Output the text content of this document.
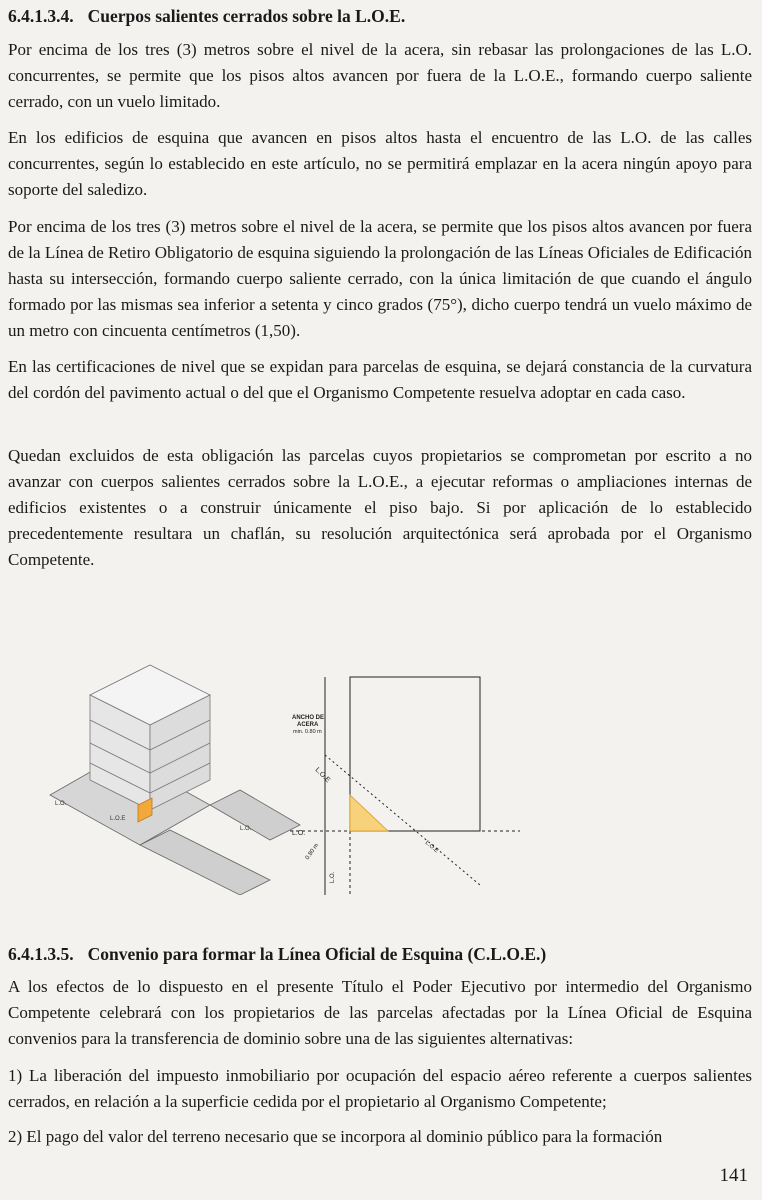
6.4.1.3.4. Cuerpos salientes cerrados sobre la L.O.E.

Por encima de los tres (3) metros sobre el nivel de la acera, sin rebasar las prolongaciones de las L.O. concurrentes, se permite que los pisos altos avancen por fuera de la L.O.E., formando cuerpo saliente cerrado, con un vuelo limitado.

En los edificios de esquina que avancen en pisos altos hasta el encuentro de las L.O. de las calles concurrentes, según lo establecido en este artículo, no se permitirá emplazar en la acera ningún apoyo para soporte del saledizo.

Por encima de los tres (3) metros sobre el nivel de la acera, se permite que los pisos altos avancen por fuera de la Línea de Retiro Obligatorio de esquina siguiendo la prolongación de las Líneas Oficiales de Edificación hasta su intersección, formando cuerpo saliente cerrado, con la única limitación de que cuando el ángulo formado por las mismas sea inferior a setenta y cinco grados (75°), dicho cuerpo tendrá un vuelo máximo de un metro con cincuenta centímetros (1,50).

En las certificaciones de nivel que se expidan para parcelas de esquina, se dejará constancia de la curvatura del cordón del pavimento actual o del que el Organismo Competente resuelva adoptar en cada caso.

Quedan excluidos de esta obligación las parcelas cuyos propietarios se comprometan por escrito a no avanzar con cuerpos salientes cerrados sobre la L.O.E., a ejecutar reformas o ampliaciones internas de edificios existentes o a construir únicamente el piso bajo. Si por aplicación de lo establecido precedentemente resultara un chaflán, su resolución arquitectónica será aprobada por el Organismo Competente.

L.O.E
L.O.
L.O.
ANCHO DE
ACERA
min. 0.80 m
L.O.E
L.O.
L.O.
0.80 m	L.O.E
6.4.1.3.5. Convenio para formar la Línea Oficial de Esquina (C.L.O.E.)

A los efectos de lo dispuesto en el presente Título el Poder Ejecutivo por intermedio del Organismo Competente celebrará con los propietarios de las parcelas afectadas por la Línea Oficial de Esquina convenios para la transferencia de dominio sobre una de las siguientes alternativas:

1) La liberación del impuesto inmobiliario por ocupación del espacio aéreo referente a cuerpos salientes cerrados, en relación a la superficie cedida por el propietario al Organismo Competente;

2) El pago del valor del terreno necesario que se incorpora al dominio público para la formación

141
